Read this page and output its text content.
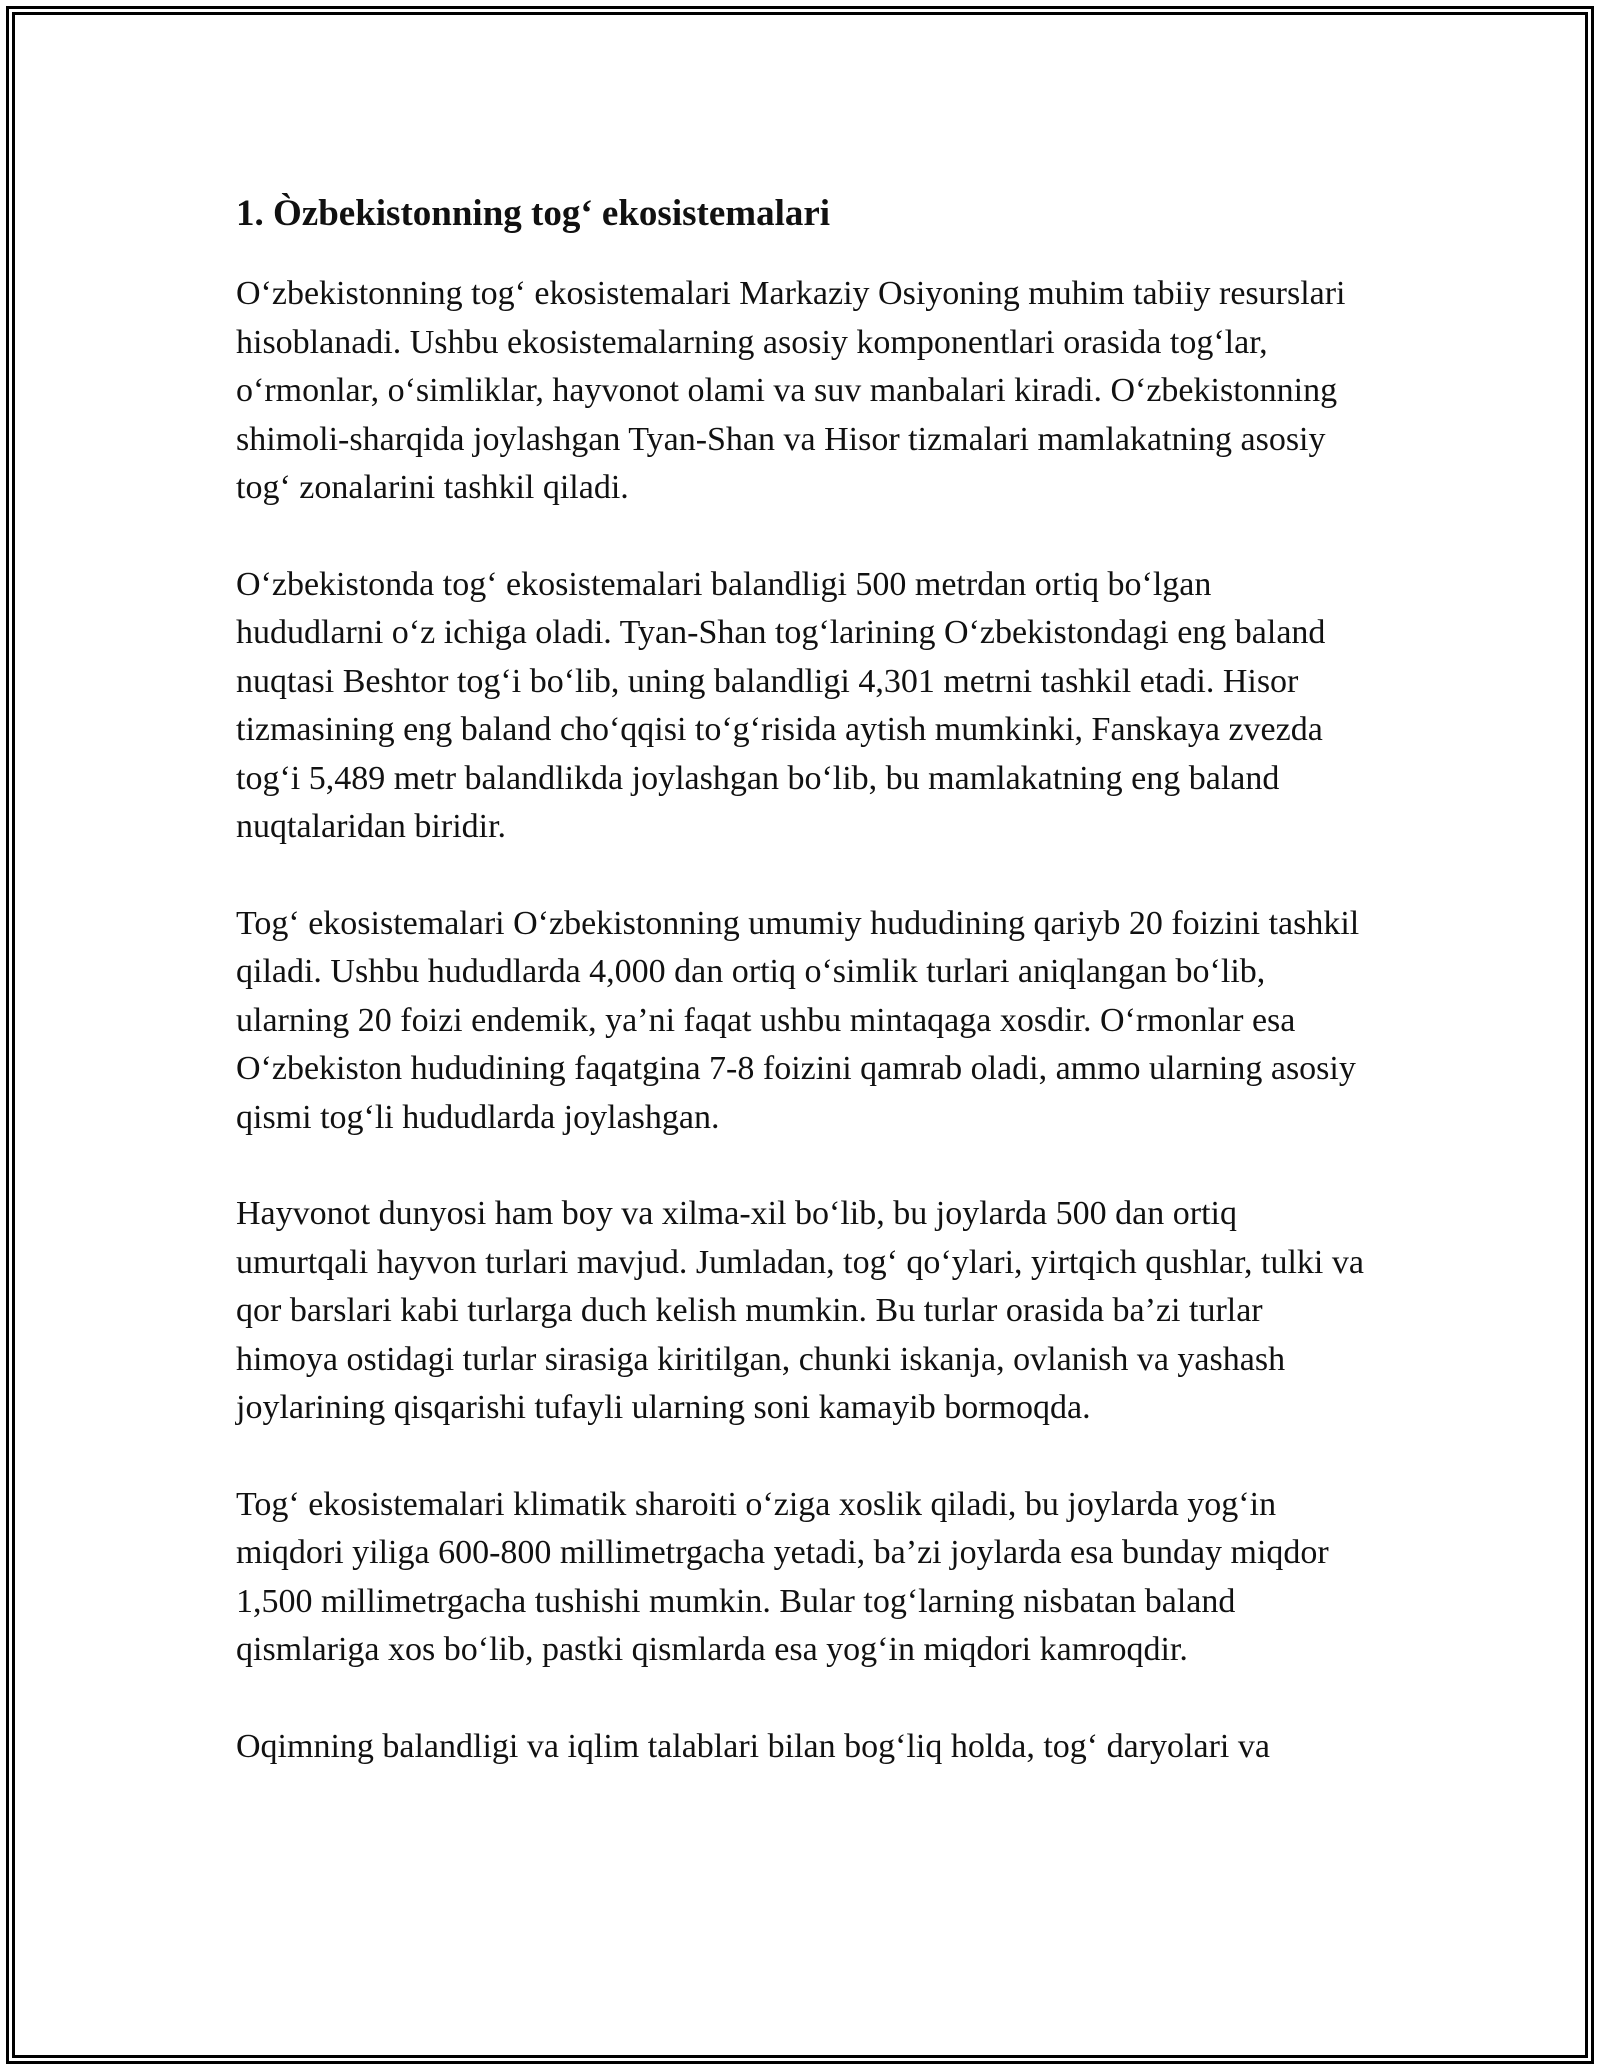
1. Òzbekistonning tog‘ ekosistemalari

O‘zbekistonning tog‘ ekosistemalari Markaziy Osiyoning muhim tabiiy resurslari hisoblanadi. Ushbu ekosistemalarning asosiy komponentlari orasida tog‘lar, o‘rmonlar, o‘simliklar, hayvonot olami va suv manbalari kiradi. O‘zbekistonning shimoli-sharqida joylashgan Tyan-Shan va Hisor tizmalari mamlakatning asosiy tog‘ zonalarini tashkil qiladi.

O‘zbekistonda tog‘ ekosistemalari balandligi 500 metrdan ortiq bo‘lgan hududlarni o‘z ichiga oladi. Tyan-Shan tog‘larining O‘zbekistondagi eng baland nuqtasi Beshtor tog‘i bo‘lib, uning balandligi 4,301 metrni tashkil etadi. Hisor tizmasining eng baland cho‘qqisi to‘g‘risida aytish mumkinki, Fanskaya zvezda tog‘i 5,489 metr balandlikda joylashgan bo‘lib, bu mamlakatning eng baland nuqtalaridan biridir.

Tog‘ ekosistemalari O‘zbekistonning umumiy hududining qariyb 20 foizini tashkil qiladi. Ushbu hududlarda 4,000 dan ortiq o‘simlik turlari aniqlangan bo‘lib, ularning 20 foizi endemik, ya’ni faqat ushbu mintaqaga xosdir. O‘rmonlar esa O‘zbekiston hududining faqatgina 7-8 foizini qamrab oladi, ammo ularning asosiy qismi tog‘li hududlarda joylashgan.

Hayvonot dunyosi ham boy va xilma-xil bo‘lib, bu joylarda 500 dan ortiq umurtqali hayvon turlari mavjud. Jumladan, tog‘ qo‘ylari, yirtqich qushlar, tulki va qor barslari kabi turlarga duch kelish mumkin. Bu turlar orasida ba’zi turlar himoya ostidagi turlar sirasiga kiritilgan, chunki iskanja, ovlanish va yashash joylarining qisqarishi tufayli ularning soni kamayib bormoqda.

Tog‘ ekosistemalari klimatik sharoiti o‘ziga xoslik qiladi, bu joylarda yog‘in miqdori yiliga 600-800 millimetrgacha yetadi, ba’zi joylarda esa bunday miqdor 1,500 millimetrgacha tushishi mumkin. Bular tog‘larning nisbatan baland qismlariga xos bo‘lib, pastki qismlarda esa yog‘in miqdori kamroqdir.

Oqimning balandligi va iqlim talablari bilan bog‘liq holda, tog‘ daryolari va
